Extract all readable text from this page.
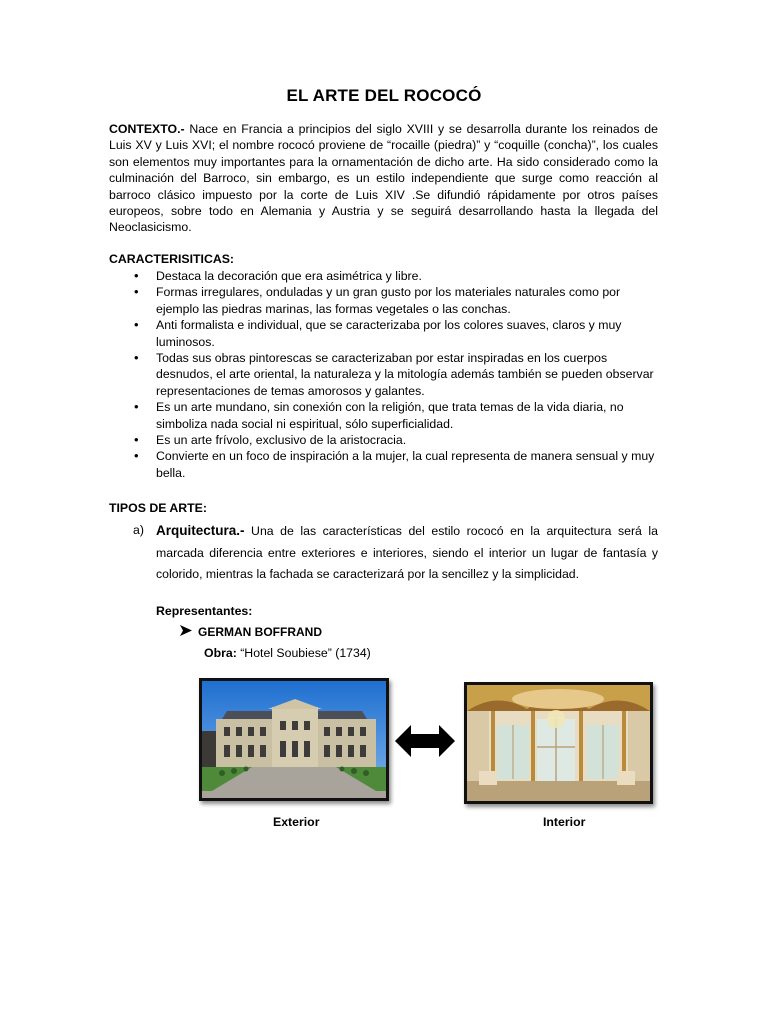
EL ARTE DEL ROCOCÓ

CONTEXTO.- Nace en Francia a principios del siglo XVIII y se desarrolla durante los reinados de Luis XV y Luis XVI; el nombre rococó proviene de “rocaille (piedra)” y “coquille (concha)”, los cuales son elementos muy importantes para la ornamentación de dicho arte. Ha sido considerado como la culminación del Barroco, sin embargo, es un estilo independiente que surge como reacción al barroco clásico impuesto por la corte de Luis XIV .Se difundió rápidamente por otros países europeos, sobre todo en Alemania y Austria y se seguirá desarrollando hasta la llegada del Neoclasicismo.

CARACTERISITICAS:

• Destaca la decoración que era asimétrica y libre.
• Formas irregulares, onduladas y un gran gusto por los materiales naturales como por ejemplo las piedras marinas, las formas vegetales o las conchas.
• Anti formalista e individual, que se caracterizaba por los colores suaves, claros y muy luminosos.
• Todas sus obras pintorescas se caracterizaban por estar inspiradas en los cuerpos desnudos, el arte oriental, la naturaleza y la mitología además también se pueden observar representaciones de temas amorosos y galantes.
• Es un arte mundano, sin conexión con la religión, que trata temas de la vida diaria, no simboliza nada social ni espiritual, sólo superficialidad.
• Es un arte frívolo, exclusivo de la aristocracia.
• Convierte en un foco de inspiración a la mujer, la cual representa de manera sensual y muy bella.

TIPOS DE ARTE:

a) Arquitectura.- Una de las características del estilo rococó en la arquitectura será la marcada diferencia entre exteriores e interiores, siendo el interior un lugar de fantasía y colorido, mientras la fachada se caracterizará por la sencillez y la simplicidad.

Representantes:

GERMAN BOFFRAND
Obra: “Hotel Soubiese” (1734)
Exterior	Interior
